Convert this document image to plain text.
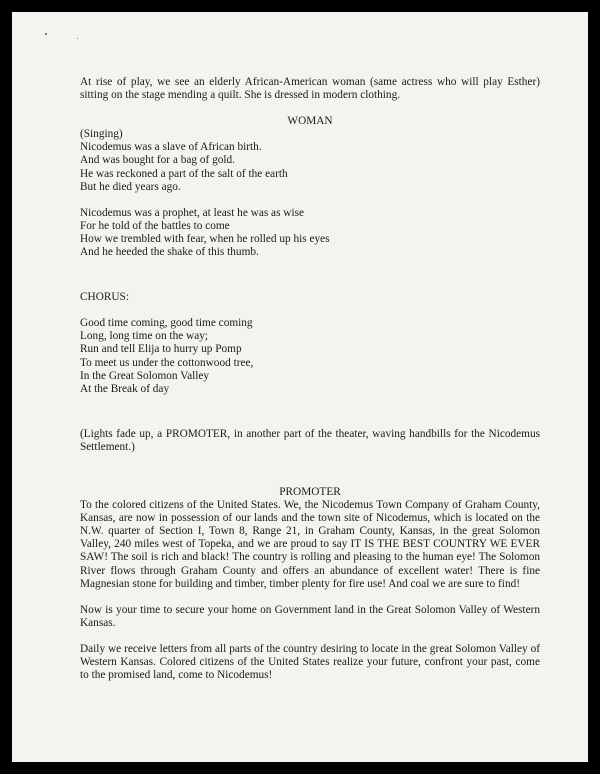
At rise of play, we see an elderly African-American woman (same actress who will play Esther) sitting on the stage mending a quilt. She is dressed in modern clothing.
WOMAN
(Singing)
Nicodemus was a slave of African birth.
And was bought for a bag of gold.
He was reckoned a part of the salt of the earth
But he died years ago.
Nicodemus was a prophet, at least he was as wise
For he told of the battles to come
How we trembled with fear, when he rolled up his eyes
And he heeded the shake of this thumb.
CHORUS:
Good time coming, good time coming
Long, long time on the way;
Run and tell Elija to hurry up Pomp
To meet us under the cottonwood tree,
In the Great Solomon Valley
At the Break of day
(Lights fade up, a PROMOTER, in another part of the theater, waving handbills for the Nicodemus Settlement.)
PROMOTER
To the colored citizens of the United States. We, the Nicodemus Town Company of Graham County, Kansas, are now in possession of our lands and the town site of Nicodemus, which is located on the N.W. quarter of Section I, Town 8, Range 21, in Graham County, Kansas, in the great Solomon Valley, 240 miles west of Topeka, and we are proud to say IT IS THE BEST COUNTRY WE EVER SAW! The soil is rich and black! The country is rolling and pleasing to the human eye! The Solomon River flows through Graham County and offers an abundance of excellent water! There is fine Magnesian stone for building and timber, timber plenty for fire use! And coal we are sure to find!
Now is your time to secure your home on Government land in the Great Solomon Valley of Western Kansas.
Daily we receive letters from all parts of the country desiring to locate in the great Solomon Valley of Western Kansas. Colored citizens of the United States realize your future, confront your past, come to the promised land, come to Nicodemus!
